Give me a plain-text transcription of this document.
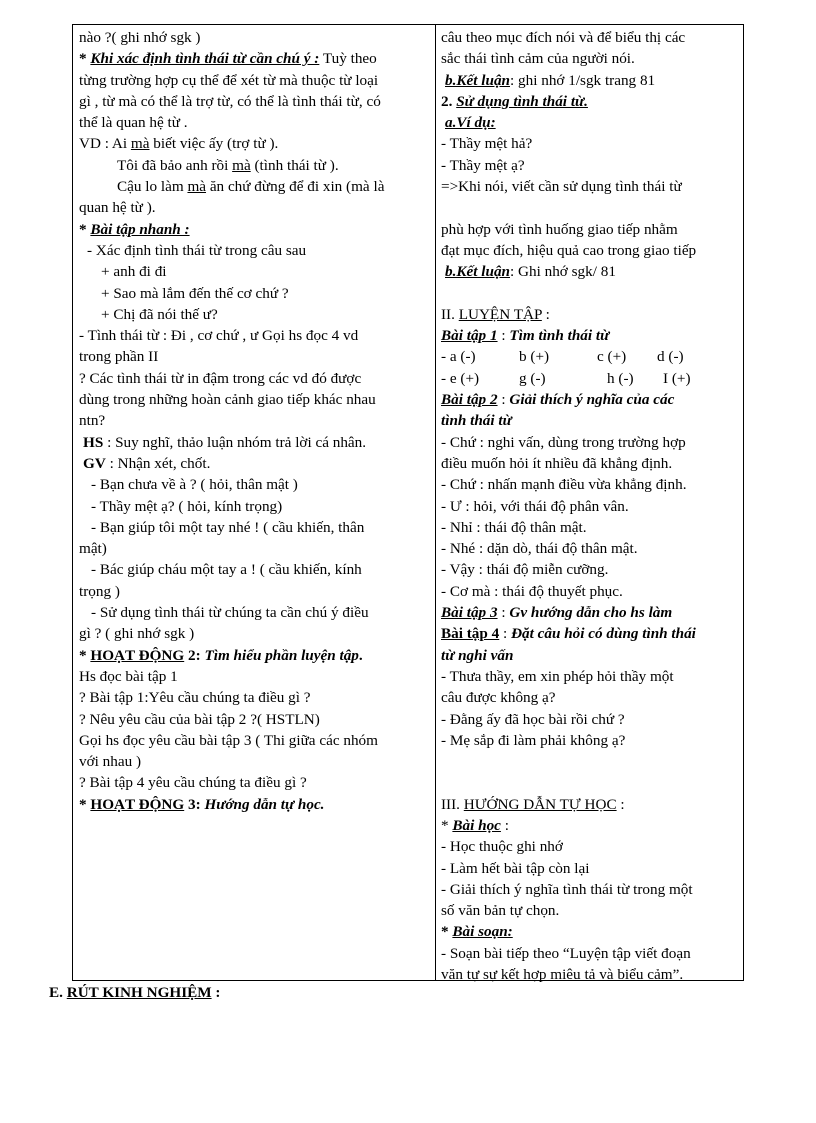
nào ?( ghi nhớ sgk )
* Khi xác định tình thái từ cần chú ý : Tuỳ theo
từng trường hợp cụ thể để xét từ mà thuộc từ loại
gì , từ mà có thể là trợ từ, có thể là tình thái từ, có
thể là quan hệ từ .
VD : Ai mà biết việc ấy (trợ từ ).
Tôi đã bảo anh rồi mà (tình thái từ ).
Cậu lo làm mà ăn chứ đừng để đi xin (mà là
quan hệ từ ).
* Bài tập nhanh :
- Xác định tình thái từ trong câu sau
+ anh đi đi
+ Sao mà lắm đến thế cơ chứ ?
+ Chị đã nói thế ư?
- Tình thái từ : Đi , cơ chứ , ư Gọi hs đọc 4 vd
trong phần II
? Các tình thái từ in đậm trong các vd đó được
dùng trong những hoàn cảnh giao tiếp khác nhau
ntn?
HS : Suy nghĩ, thảo luận nhóm trả lời cá nhân.
GV : Nhận xét, chốt.
- Bạn chưa về à ? ( hỏi, thân mật )
- Thầy mệt ạ? ( hỏi, kính trọng)
- Bạn giúp tôi một tay nhé ! ( cầu khiến, thân
mật)
- Bác giúp cháu một tay a ! ( cầu khiến, kính
trọng )
- Sử dụng tình thái từ chúng ta cần chú ý điều
gì ? ( ghi nhớ sgk )
* HOẠT ĐỘNG 2: Tìm hiểu phần luyện tập.
Hs đọc bài tập 1
? Bài tập 1:Yêu cầu chúng ta điều gì ?
? Nêu yêu cầu của bài tập 2 ?( HSTLN)
Gọi hs đọc yêu cầu bài tập 3 ( Thi giữa các nhóm
với nhau )
? Bài tập 4 yêu cầu chúng ta điều gì ?
* HOẠT ĐỘNG 3: Hướng dẫn tự học.
câu theo mục đích nói và để biểu thị các
sắc thái tình cảm của người nói.
b.Kết luận: ghi nhớ 1/sgk trang 81
2. Sử dụng tình thái từ.
a.Ví dụ:
- Thầy mệt hả?
- Thầy mệt ạ?
=>Khi nói, viết cần sử dụng tình thái từ
phù hợp với tình huống giao tiếp nhằm
đạt mục đích, hiệu quả cao trong giao tiếp
b.Kết luận: Ghi nhớ sgk/ 81
II. LUYỆN TẬP :
Bài tập 1 : Tìm tình thái từ
- a (-)	b (+)	c (+) d (-)
- e (+)	g (-)	h (-) I (+)
Bài tập 2 : Giải thích ý nghĩa của các
tình thái từ
- Chứ : nghi vấn, dùng trong trường hợp
điều muốn hỏi ít nhiều đã khẳng định.
- Chứ : nhấn mạnh điều vừa khẳng định.
- Ư : hỏi, với thái độ phân vân.
- Nhỉ : thái độ thân mật.
- Nhé : dặn dò, thái độ thân mật.
- Vậy : thái độ miễn cưỡng.
- Cơ mà : thái độ thuyết phục.
Bài tập 3 : Gv hướng dẫn cho hs làm
Bài tập 4 : Đặt câu hỏi có dùng tình thái
từ nghi vấn
- Thưa thầy, em xin phép hỏi thầy một
câu được không ạ?
- Đằng ấy đã học bài rồi chứ ?
- Mẹ sắp đi làm phải không ạ?
III. HƯỚNG DẪN TỰ HỌC :
* Bài học :
- Học thuộc ghi nhớ
- Làm hết bài tập còn lại
- Giải thích ý nghĩa tình thái từ trong một
số văn bản tự chọn.
* Bài soạn:
- Soạn bài tiếp theo “Luyện tập viết đoạn
văn tự sự kết hợp miêu tả và biểu cảm”.
E. RÚT KINH NGHIỆM :
